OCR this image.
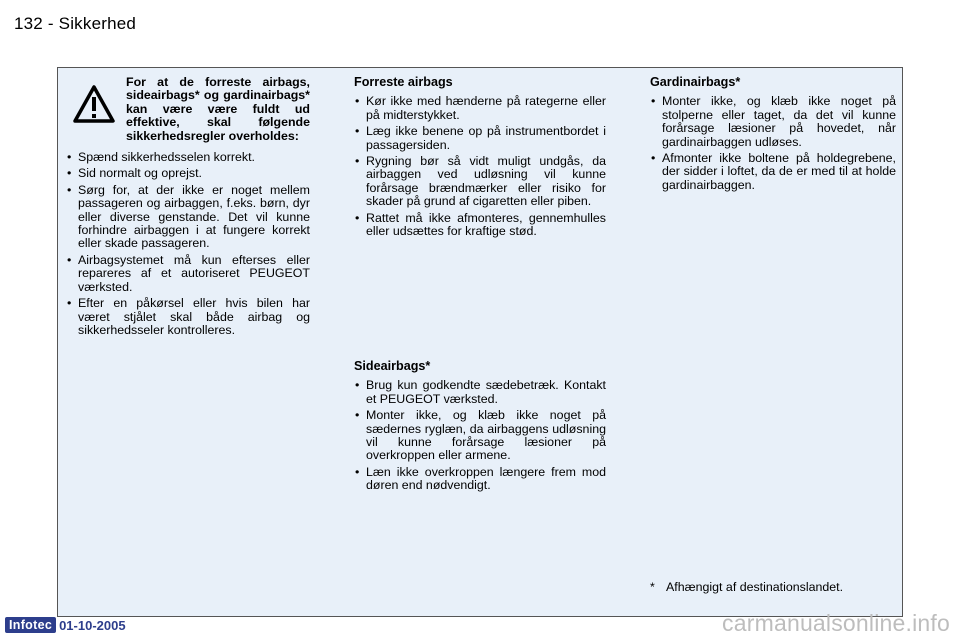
132 - Sikkerhed
For at de forreste airbags, sideairbags* og gardinairbags* kan være være fuldt ud effektive, skal følgende sikkerhedsregler overholdes:
• Spænd sikkerhedsselen korrekt.
• Sid normalt og oprejst.
• Sørg for, at der ikke er noget mellem passageren og airbaggen, f.eks. børn, dyr eller diverse genstande. Det vil kunne forhindre airbaggen i at fungere korrekt eller skade passageren.
• Airbagsystemet må kun efterses eller repareres af et autoriseret PEUGEOT værksted.
• Efter en påkørsel eller hvis bilen har været stjålet skal både airbag og sikkerhedsseler kontrolleres.
Forreste airbags
• Kør ikke med hænderne på rategerne eller på midterstykket.
• Læg ikke benene op på instrumentbordet i passagersiden.
• Rygning bør så vidt muligt undgås, da airbaggen ved udløsning vil kunne forårsage brændmærker eller risiko for skader på grund af cigaretten eller piben.
• Rattet må ikke afmonteres, gennemhulles eller udsættes for kraftige stød.
Sideairbags*
• Brug kun godkendte sædebetræk. Kontakt et PEUGEOT værksted.
• Monter ikke, og klæb ikke noget på sædernes ryglæn, da airbaggens udløsning vil kunne forårsage læsioner på overkroppen eller armene.
• Læn ikke overkroppen længere frem mod døren end nødvendigt.
Gardinairbags*
• Monter ikke, og klæb ikke noget på stolperne eller taget, da det vil kunne forårsage læsioner på hovedet, når gardinairbaggen udløses.
• Afmonter ikke boltene på holdegrebene, der sidder i loftet, da de er med til at holde gardinairbaggen.
* Afhængigt af destinationslandet.
Infotec 01-10-2005	carmanualsonline.info
